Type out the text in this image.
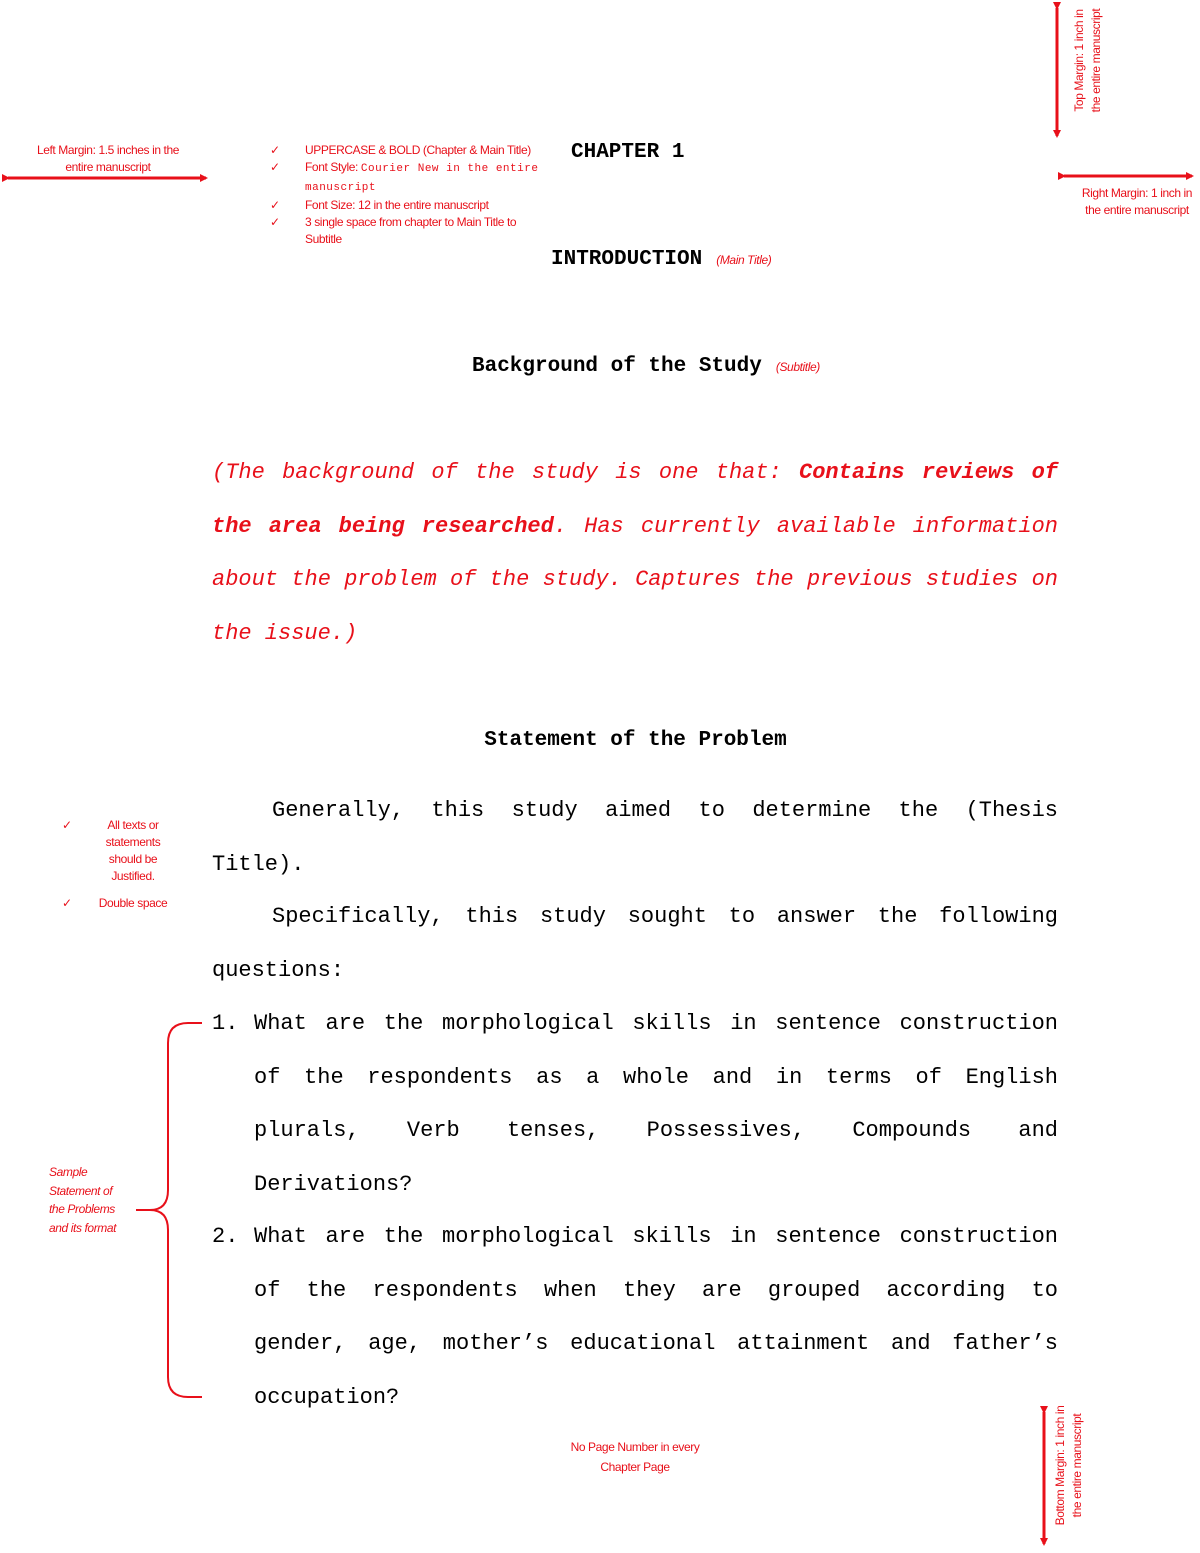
CHAPTER 1
INTRODUCTION (Main Title)
Background of the Study (Subtitle)
(The background of the study is one that: Contains reviews of the area being researched. Has currently available information about the problem of the study. Captures the previous studies on the issue.)
Statement of the Problem
Generally, this study aimed to determine the (Thesis Title).
Specifically, this study sought to answer the following questions:
1. What are the morphological skills in sentence construction of the respondents as a whole and in terms of English plurals, Verb tenses, Possessives, Compounds and Derivations?
2. What are the morphological skills in sentence construction of the respondents when they are grouped according to gender, age, mother’s educational attainment and father’s occupation?
✓ UPPERCASE & BOLD (Chapter & Main Title)
✓ Font Style: Courier New in the entire manuscript
✓ Font Size: 12 in the entire manuscript
✓ 3 single space from chapter to Main Title to Subtitle
Left Margin: 1.5 inches in the entire manuscript
Right Margin: 1 inch in the entire manuscript
Top Margin: 1 inch in the entire manuscript
Bottom Margin: 1 inch in the entire manuscript
✓	All texts or statements should be Justified.
✓ Double space
Sample Statement of the Problems and its format
No Page Number in every Chapter Page
